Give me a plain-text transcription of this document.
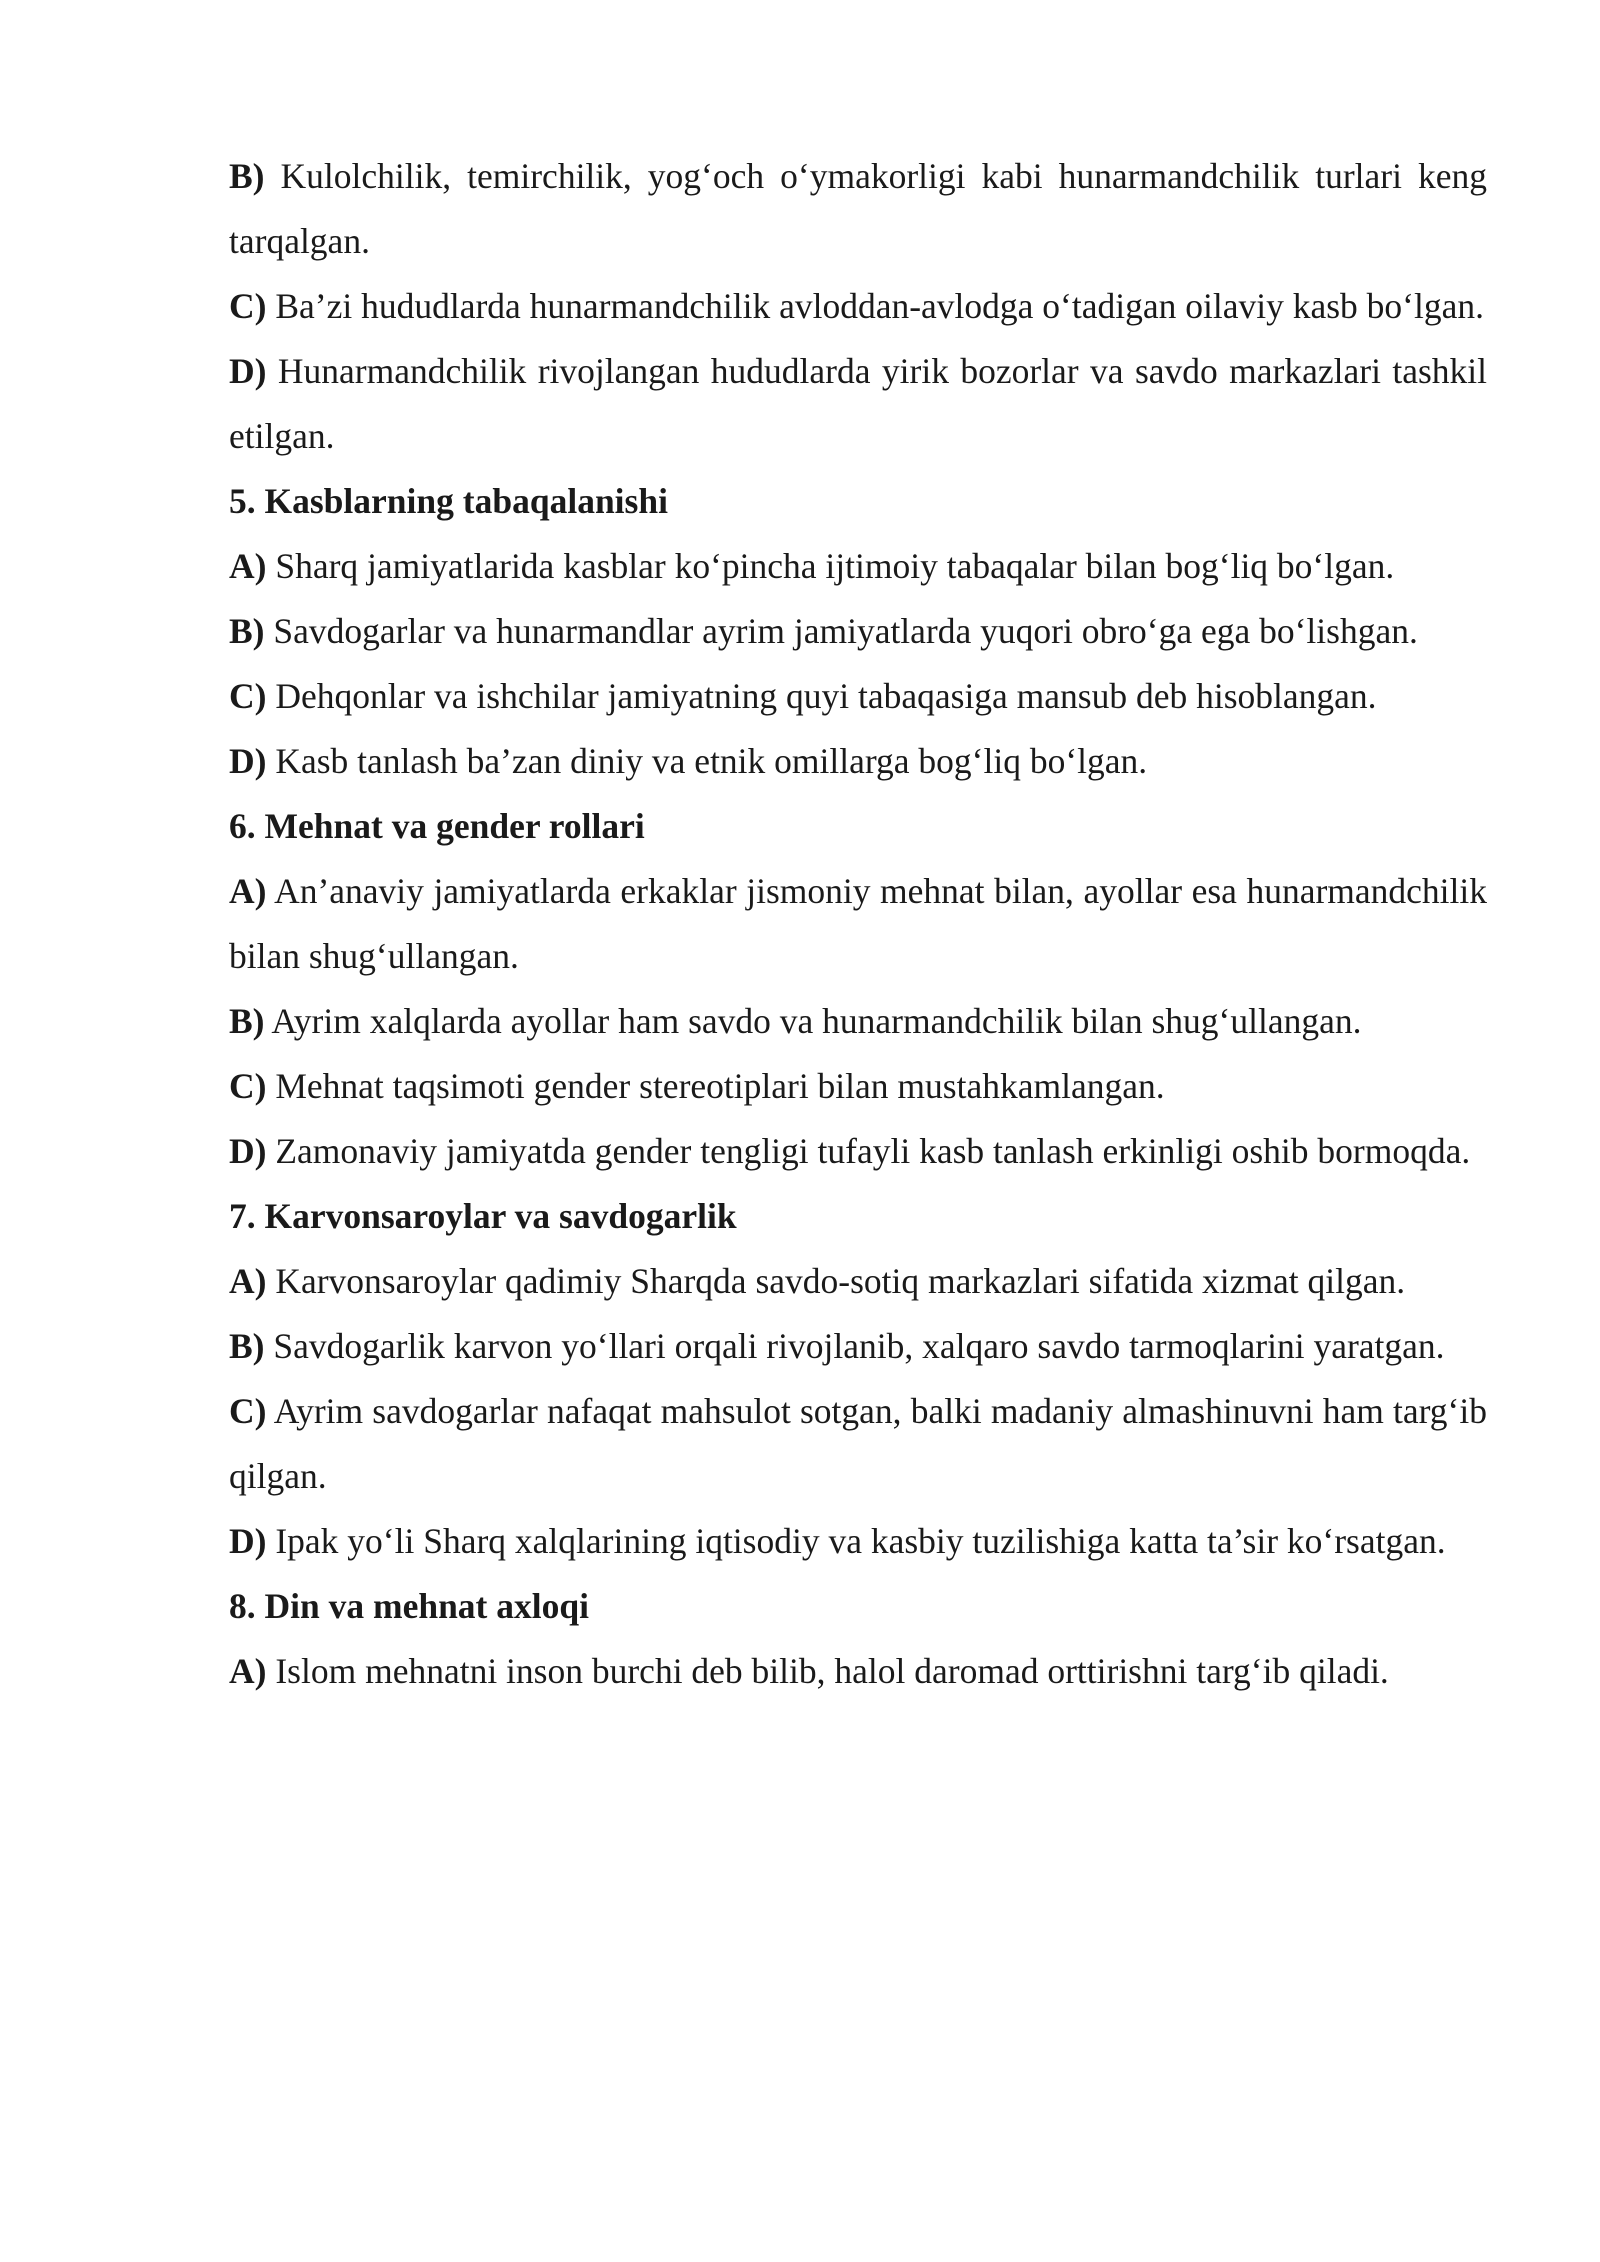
B) Kulolchilik, temirchilik, yog‘och o‘ymakorligi kabi hunarmandchilik turlari keng tarqalgan.

C) Ba’zi hududlarda hunarmandchilik avloddan-avlodga o‘tadigan oilaviy kasb bo‘lgan.

D) Hunarmandchilik rivojlangan hududlarda yirik bozorlar va savdo markazlari tashkil etilgan.

5. Kasblarning tabaqalanishi

A) Sharq jamiyatlarida kasblar ko‘pincha ijtimoiy tabaqalar bilan bog‘liq bo‘lgan.

B) Savdogarlar va hunarmandlar ayrim jamiyatlarda yuqori obro‘ga ega bo‘lishgan.

C) Dehqonlar va ishchilar jamiyatning quyi tabaqasiga mansub deb hisoblangan.

D) Kasb tanlash ba’zan diniy va etnik omillarga bog‘liq bo‘lgan.

6. Mehnat va gender rollari

A) An’anaviy jamiyatlarda erkaklar jismoniy mehnat bilan, ayollar esa hunarmandchilik bilan shug‘ullangan.

B) Ayrim xalqlarda ayollar ham savdo va hunarmandchilik bilan shug‘ullangan.

C) Mehnat taqsimoti gender stereotiplari bilan mustahkamlangan.

D) Zamonaviy jamiyatda gender tengligi tufayli kasb tanlash erkinligi oshib bormoqda.

7. Karvonsaroylar va savdogarlik

A) Karvonsaroylar qadimiy Sharqda savdo-sotiq markazlari sifatida xizmat qilgan.

B) Savdogarlik karvon yo‘llari orqali rivojlanib, xalqaro savdo tarmoqlarini yaratgan.

C) Ayrim savdogarlar nafaqat mahsulot sotgan, balki madaniy almashinuvni ham targ‘ib qilgan.

D) Ipak yo‘li Sharq xalqlarining iqtisodiy va kasbiy tuzilishiga katta ta’sir ko‘rsatgan.

8. Din va mehnat axloqi

A) Islom mehnatni inson burchi deb bilib, halol daromad orttirishni targ‘ib qiladi.
